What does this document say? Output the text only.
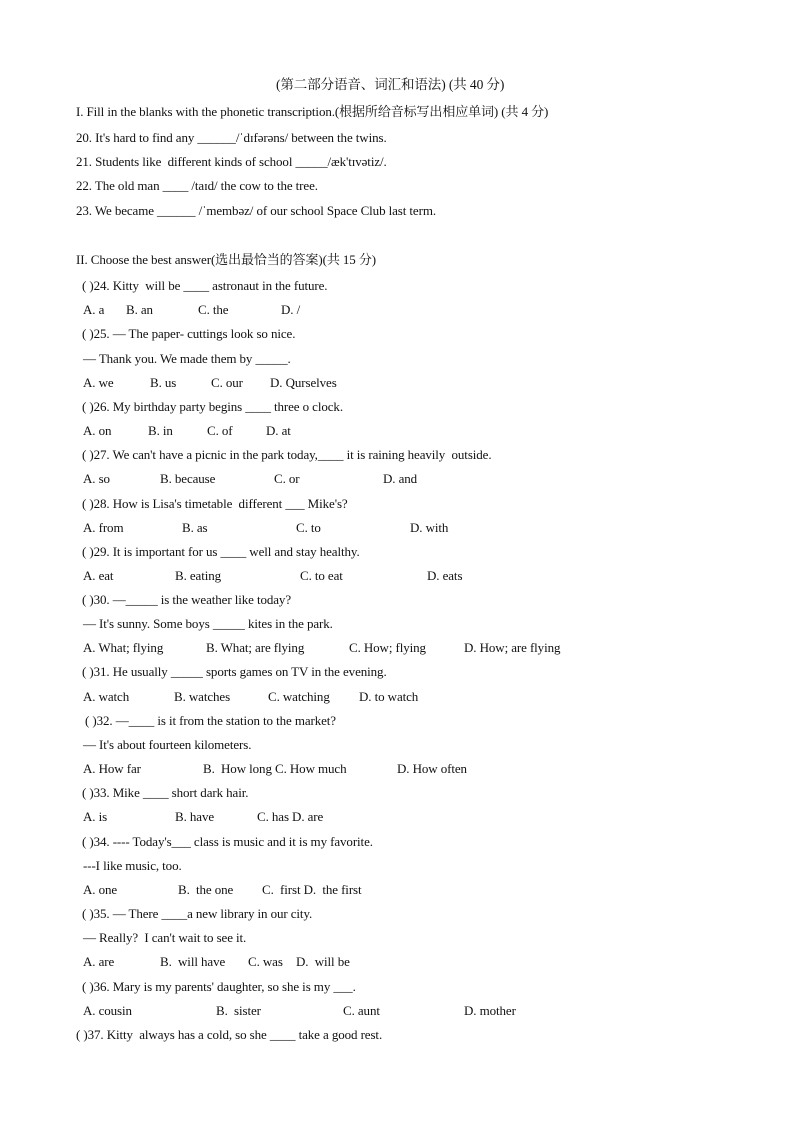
(第二部分语音、词汇和语法) (共 40 分)
I. Fill in the blanks with the phonetic transcription.(根据所给音标写出相应单词) (共 4 分)
20. It's hard to find any ______/ˈdɪfərəns/ between the twins.
21. Students like  different kinds of school _____/æk'tɪvətiz/.
22. The old man ____ /taɪd/ the cow to the tree.
23. We became ______ /ˈmembəz/ of our school Space Club last term.
II. Choose the best answer(选出最恰当的答案)(共 15 分)
( )24. Kitty  will be ____ astronaut in the future.
A. a B. an	C. the	D. /
( )25. — The paper- cuttings look so nice.
— Thank you. We made them by _____.
A. we	B. us	C. our D. Qurselves
( )26. My birthday party begins ____ three o clock.
A. on	B. in	C. of	D. at
( )27. We can't have a picnic in the park today,____ it is raining heavily  outside.
A. so	B. because	C. or	D. and
( )28. How is Lisa's timetable  different ___ Mike's?
A. from	B. as	C. to	D. with
( )29. It is important for us ____ well and stay healthy.
A. eat	B. eating	C. to eat	D. eats
( )30. —_____ is the weather like today?
— It's sunny. Some boys _____ kites in the park.
A. What; flying	B. What; are flying	C. How; flying	D. How; are flying
( )31. He usually _____ sports games on TV in the evening.
A. watch	B. watches	C. watching D. to watch
( )32. —____ is it from the station to the market?
— It's about fourteen kilometers.
A. How far	B.  How long C. How much	D. How often
( )33. Mike ____ short dark hair.
A. is	B. have	C. has D. are
( )34. ---- Today's___ class is music and it is my favorite.
---I like music, too.
A. one	B.  the one C.  first D.  the first
( )35. — There ____a new library in our city.
— Really?  I can't wait to see it.
A. are	B.  will have C. was D.  will be
( )36. Mary is my parents' daughter, so she is my ___.
A. cousin	B.  sister	C. aunt	D. mother
( )37. Kitty  always has a cold, so she ____ take a good rest.
